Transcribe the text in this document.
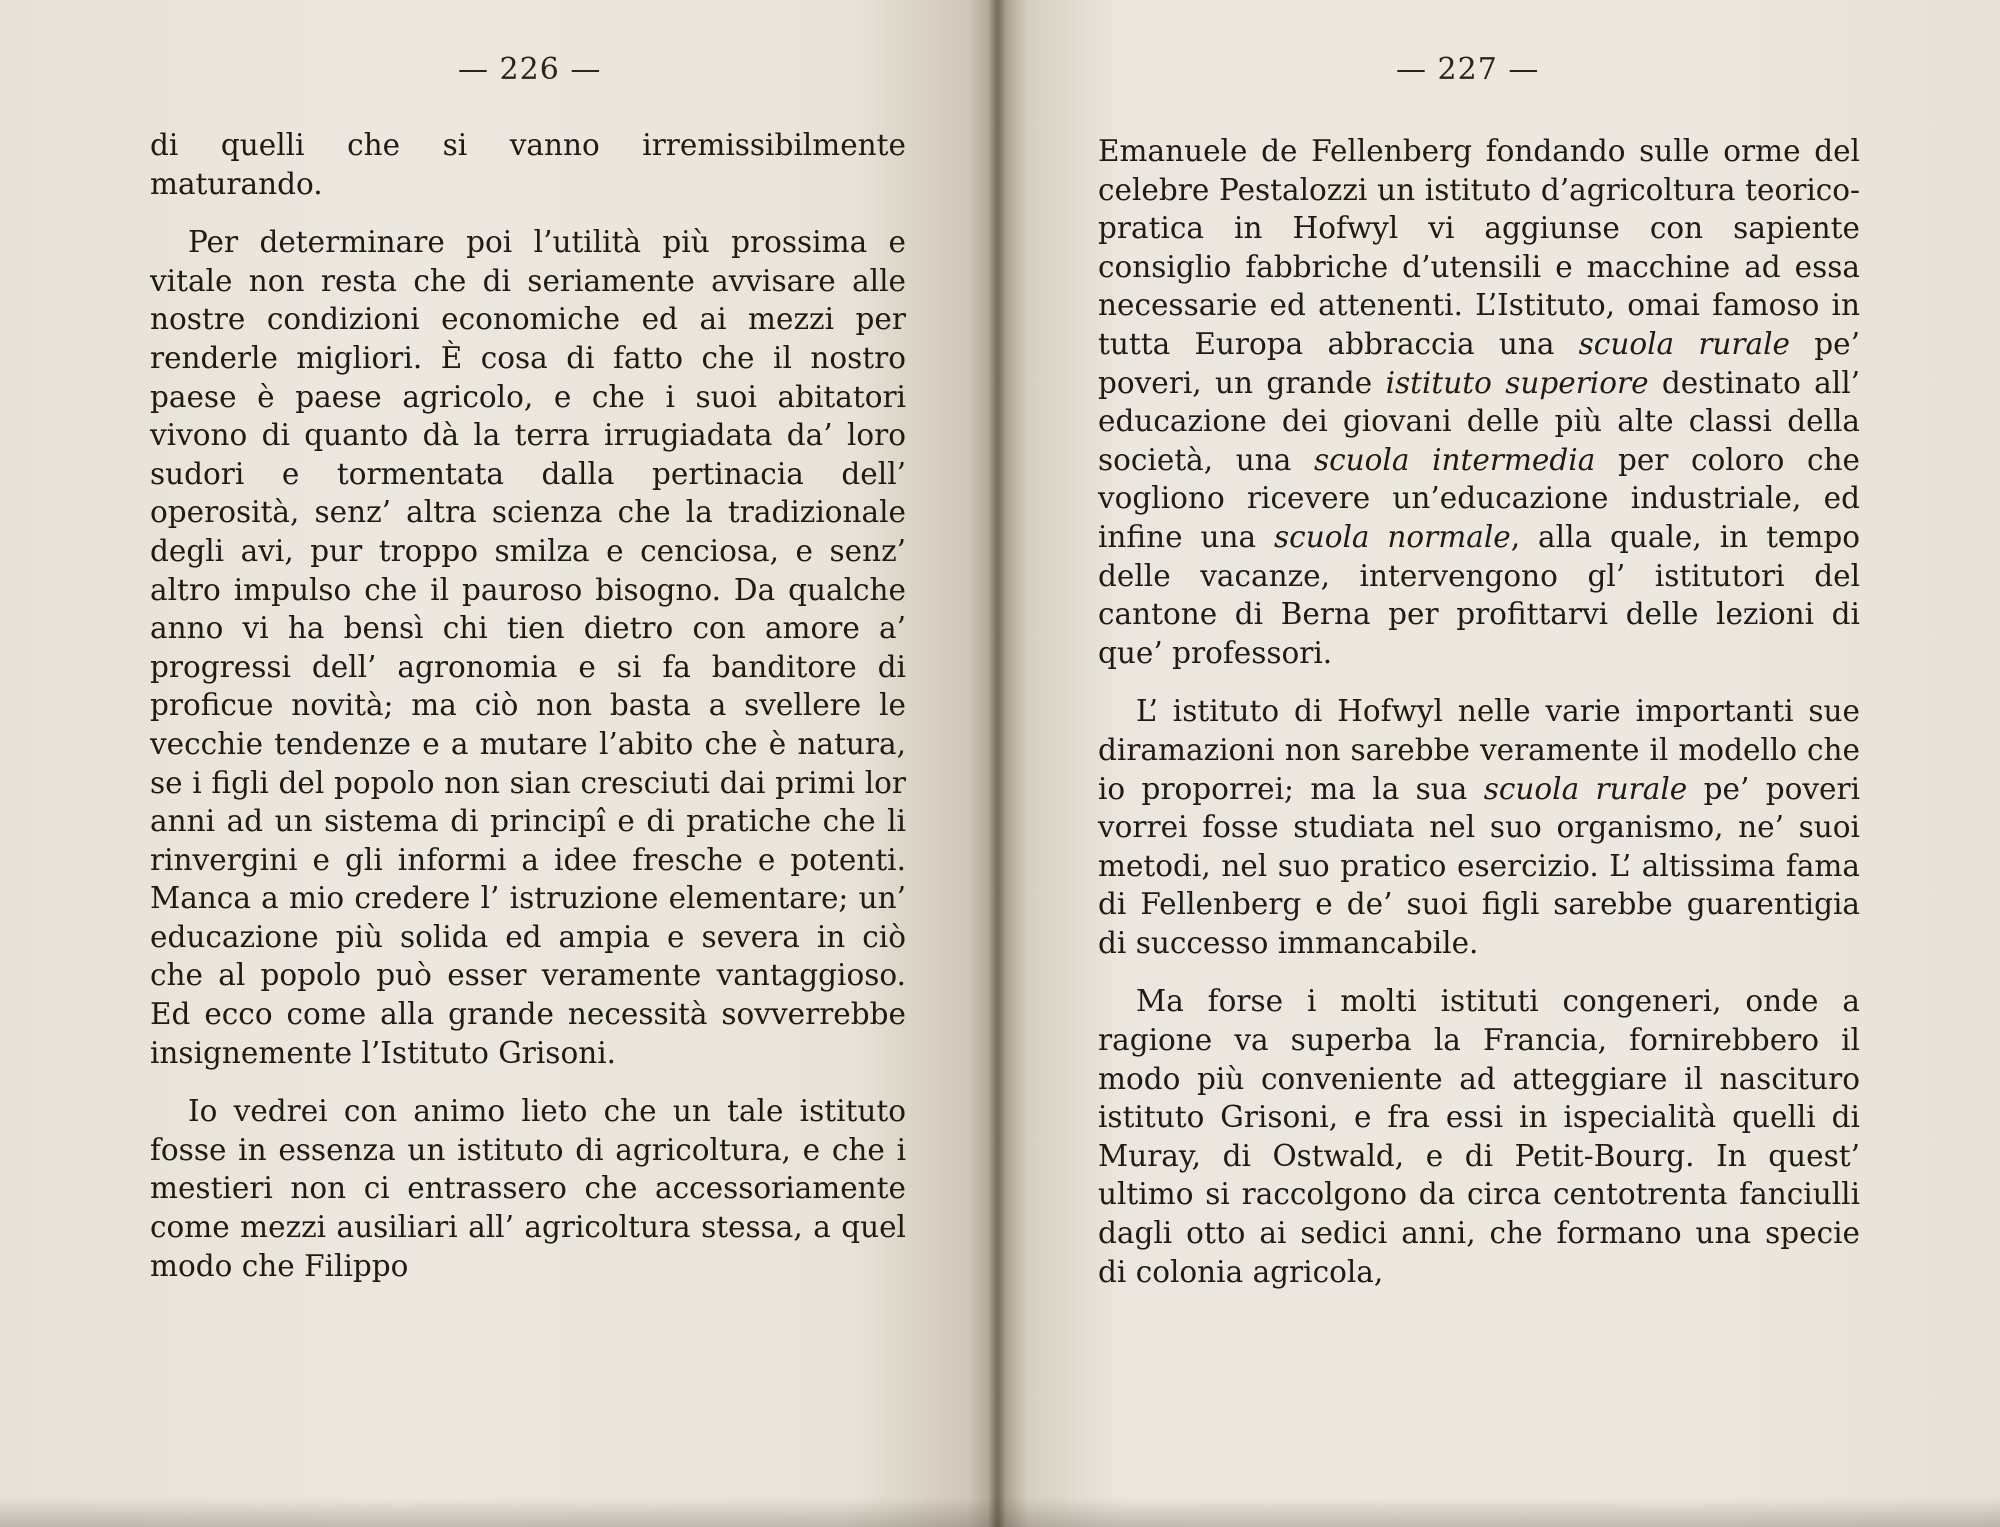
— 226 —

di quelli che si vanno irremissibilmente maturando.

Per determinare poi l’utilità più prossima e vitale non resta che di seriamente avvisare alle nostre condizioni economiche ed ai mezzi per renderle migliori. È cosa di fatto che il nostro paese è paese agricolo, e che i suoi abitatori vivono di quanto dà la terra irrugiadata da’ loro sudori e tormentata dalla pertinacia dell’ operosità, senz’ altra scienza che la tradizionale degli avi, pur troppo smilza e cenciosa, e senz’ altro impulso che il pauroso bisogno. Da qualche anno vi ha bensì chi tien dietro con amore a’ progressi dell’ agronomia e si fa banditore di proficue novità; ma ciò non basta a svellere le vecchie tendenze e a mutare l’abito che è natura, se i figli del popolo non sian cresciuti dai primi lor anni ad un sistema di principî e di pratiche che li rinvergini e gli informi a idee fresche e potenti. Manca a mio credere l’ istruzione elementare; un’ educazione più solida ed ampia e severa in ciò che al popolo può esser veramente vantaggioso. Ed ecco come alla grande necessità sovverrebbe insignemente l’Istituto Grisoni.

Io vedrei con animo lieto che un tale istituto fosse in essenza un istituto di agricoltura, e che i mestieri non ci entrassero che accessoriamente come mezzi ausiliari all’ agricoltura stessa, a quel modo che Filippo

— 227 —

Emanuele de Fellenberg fondando sulle orme del celebre Pestalozzi un istituto d’agricoltura teorico-pratica in Hofwyl vi aggiunse con sapiente consiglio fabbriche d’utensili e macchine ad essa necessarie ed attenenti. L’Istituto, omai famoso in tutta Europa abbraccia una scuola rurale pe’ poveri, un grande istituto superiore destinato all’ educazione dei giovani delle più alte classi della società, una scuola intermedia per coloro che vogliono ricevere un’educazione industriale, ed infine una scuola normale, alla quale, in tempo delle vacanze, intervengono gl’ istitutori del cantone di Berna per profittarvi delle lezioni di que’ professori.

L’ istituto di Hofwyl nelle varie importanti sue diramazioni non sarebbe veramente il modello che io proporrei; ma la sua scuola rurale pe’ poveri vorrei fosse studiata nel suo organismo, ne’ suoi metodi, nel suo pratico esercizio. L’ altissima fama di Fellenberg e de’ suoi figli sarebbe guarentigia di successo immancabile.

Ma forse i molti istituti congeneri, onde a ragione va superba la Francia, fornirebbero il modo più conveniente ad atteggiare il nascituro istituto Grisoni, e fra essi in ispecialità quelli di Muray, di Ostwald, e di Petit-Bourg. In quest’ ultimo si raccolgono da circa centotrenta fanciulli dagli otto ai sedici anni, che formano una specie di colonia agricola,
